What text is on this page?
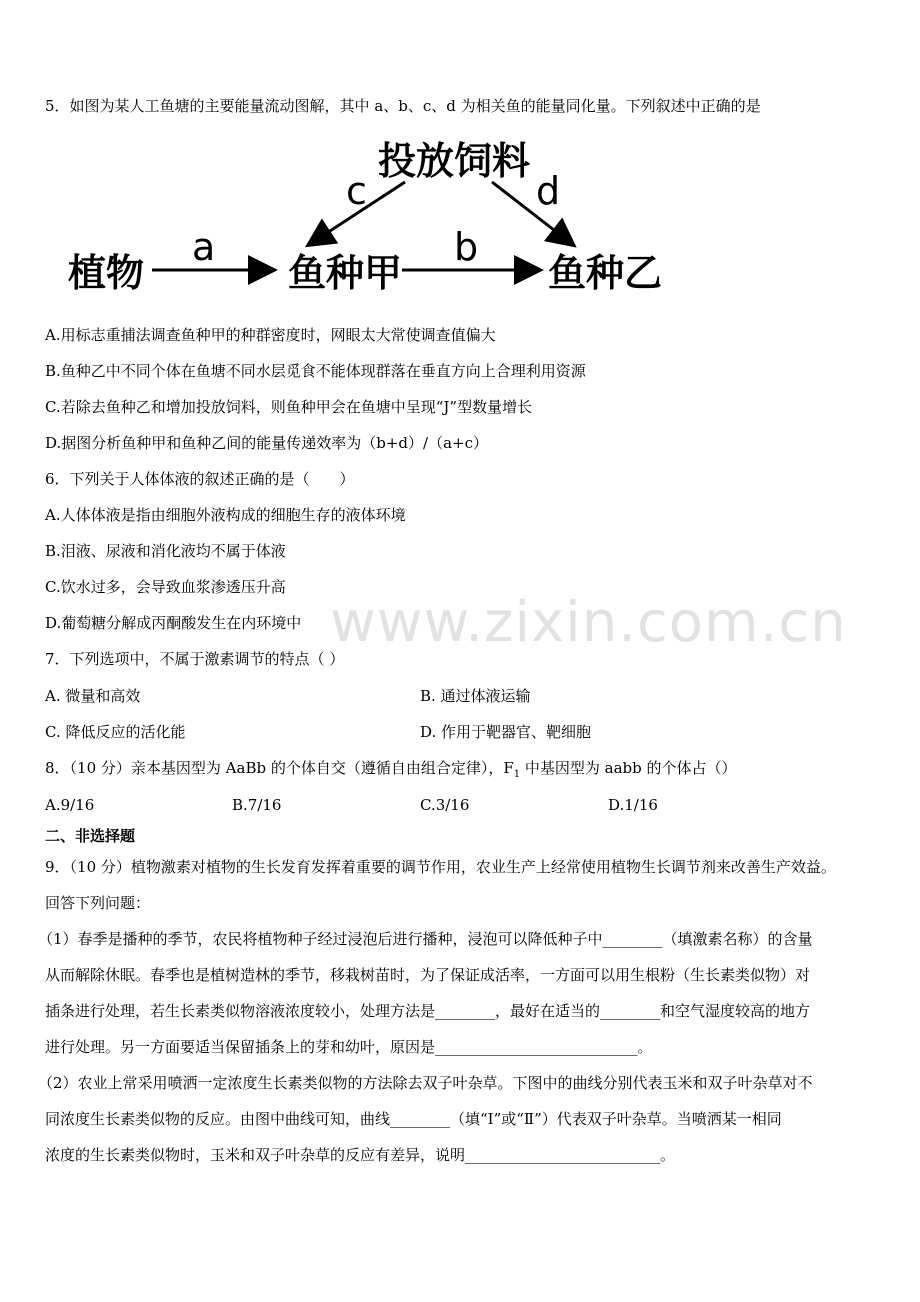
5．如图为某人工鱼塘的主要能量流动图解，其中 a、b、c、d 为相关鱼的能量同化量。下列叙述中正确的是
投放饲料
植物	鱼种甲	鱼种乙
a	b
c	d
A.用标志重捕法调查鱼种甲的种群密度时，网眼太大常使调查值偏大
B.鱼种乙中不同个体在鱼塘不同水层觅食不能体现群落在垂直方向上合理利用资源
C.若除去鱼种乙和增加投放饲料，则鱼种甲会在鱼塘中呈现“J”型数量增长
D.据图分析鱼种甲和鱼种乙间的能量传递效率为（b+d）/（a+c）
6．下列关于人体体液的叙述正确的是（　　）
A.人体体液是指由细胞外液构成的细胞生存的液体环境
B.泪液、尿液和消化液均不属于体液
C.饮水过多，会导致血浆渗透压升高
D.葡萄糖分解成丙酮酸发生在内环境中 www.zixin.com.cn
7．下列选项中，不属于激素调节的特点（ ）
A. 微量和高效	B. 通过体液运输
C. 降低反应的活化能	D. 作用于靶器官、靶细胞
8．（10 分）亲本基因型为 AaBb 的个体自交（遵循自由组合定律），$F_1$ 中基因型为 aabb 的个体占（）
A.9/16	B.7/16	C.3/16	D.1/16
二、非选择题
9．（10 分）植物激素对植物的生长发育发挥着重要的调节作用，农业生产上经常使用植物生长调节剂来改善生产效益。
回答下列问题：
（1）春季是播种的季节，农民将植物种子经过浸泡后进行播种，浸泡可以降低种子中________（填激素名称）的含量
从而解除休眠。春季也是植树造林的季节，移栽树苗时，为了保证成活率，一方面可以用生根粉（生长素类似物）对
插条进行处理，若生长素类似物溶液浓度较小，处理方法是________，最好在适当的________和空气湿度较高的地方
进行处理。另一方面要适当保留插条上的芽和幼叶，原因是___________________________。
（2）农业上常采用喷洒一定浓度生长素类似物的方法除去双子叶杂草。下图中的曲线分别代表玉米和双子叶杂草对不
同浓度生长素类似物的反应。由图中曲线可知，曲线________（填“Ⅰ”或“Ⅱ”）代表双子叶杂草。当喷洒某一相同
浓度的生长素类似物时，玉米和双子叶杂草的反应有差异，说明__________________________。
